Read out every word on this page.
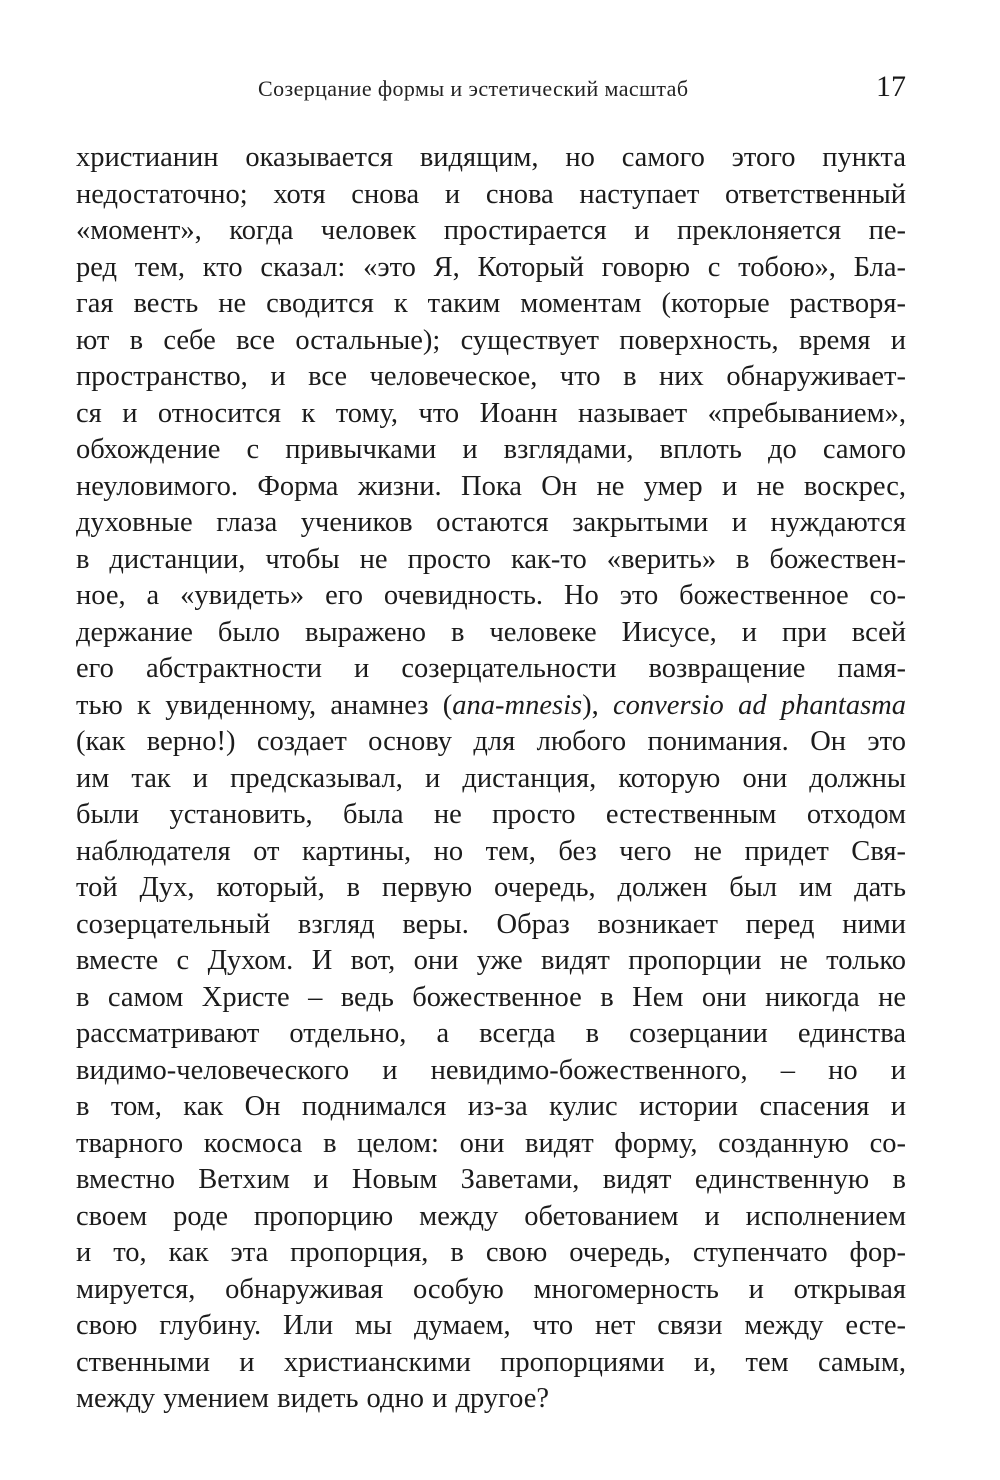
Созерцание формы и эстетический масштаб	17
христианин оказывается видящим, но самого этого пункта
недостаточно; хотя снова и снова наступает ответственный
«момент», когда человек простирается и преклоняется пе-
ред тем, кто сказал: «это Я, Который говорю с тобою», Бла-
гая весть не сводится к таким моментам (которые растворя-
ют в себе все остальные); существует поверхность, время и
пространство, и все человеческое, что в них обнаруживает-
ся и относится к тому, что Иоанн называет «пребыванием»,
обхождение с привычками и взглядами, вплоть до самого
неуловимого. Форма жизни. Пока Он не умер и не воскрес,
духовные глаза учеников остаются закрытыми и нуждаются
в дистанции, чтобы не просто как-то «верить» в божествен-
ное, а «увидеть» его очевидность. Но это божественное со-
держание было выражено в человеке Иисусе, и при всей
его абстрактности и созерцательности возвращение памя-
тью к увиденному, анамнез (ana-mnesis), conversio ad phantasma
(как верно!) создает основу для любого понимания. Он это
им так и предсказывал, и дистанция, которую они должны
были установить, была не просто естественным отходом
наблюдателя от картины, но тем, без чего не придет Свя-
той Дух, который, в первую очередь, должен был им дать
созерцательный взгляд веры. Образ возникает перед ними
вместе с Духом. И вот, они уже видят пропорции не только
в самом Христе – ведь божественное в Нем они никогда не
рассматривают отдельно, а всегда в созерцании единства
видимо-человеческого и невидимо-божественного, – но и
в том, как Он поднимался из-за кулис истории спасения и
тварного космоса в целом: они видят форму, созданную со-
вместно Ветхим и Новым Заветами, видят единственную в
своем роде пропорцию между обетованием и исполнением
и то, как эта пропорция, в свою очередь, ступенчато фор-
мируется, обнаруживая особую многомерность и открывая
свою глубину. Или мы думаем, что нет связи между есте-
ственными и христианскими пропорциями и, тем самым,
между умением видеть одно и другое?
